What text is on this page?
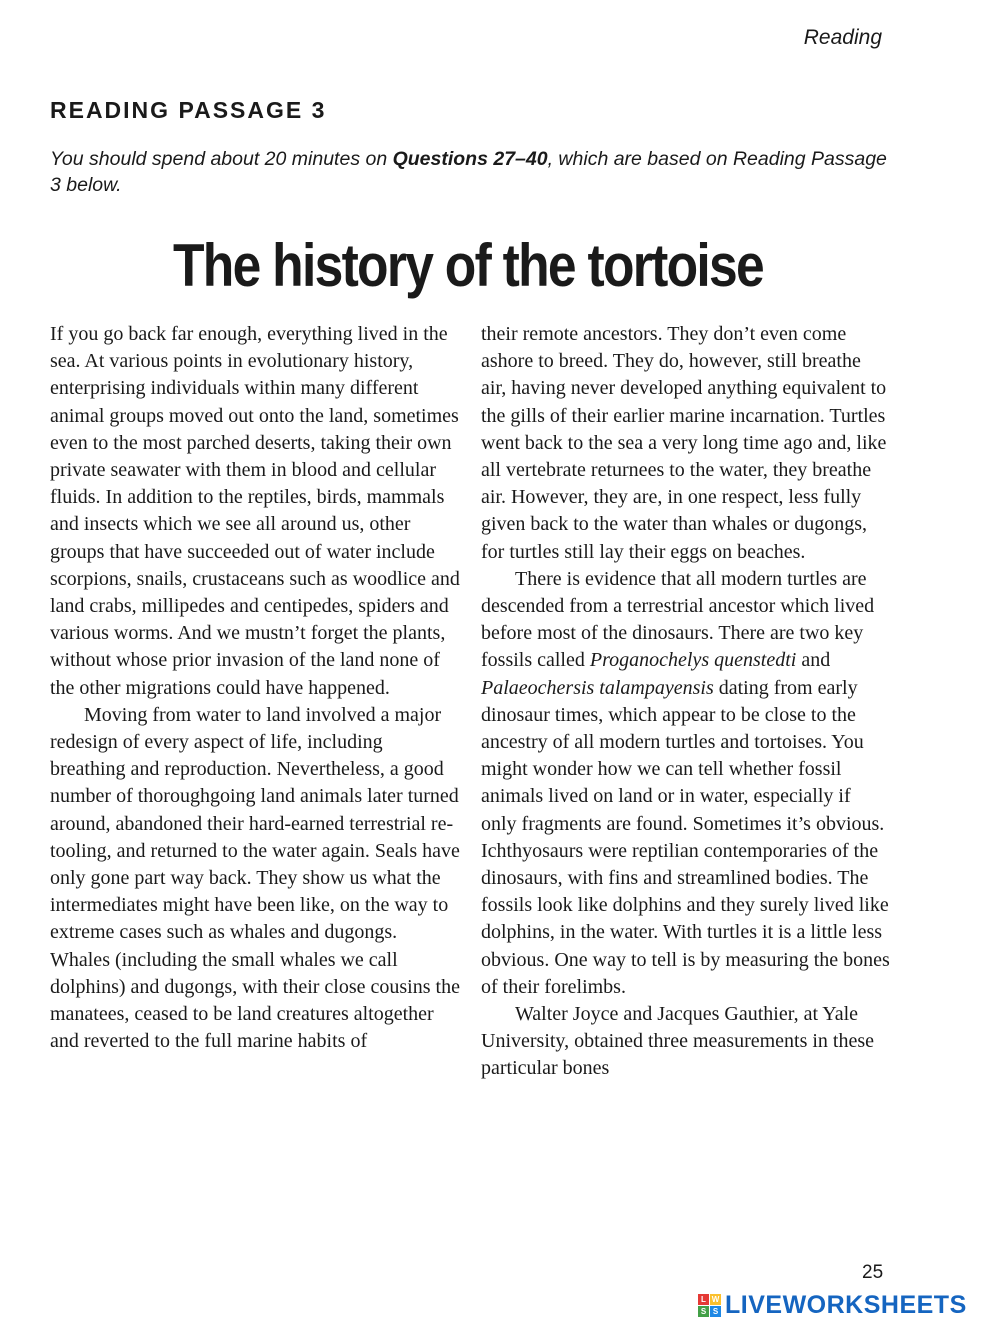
Reading
READING PASSAGE 3

You should spend about 20 minutes on Questions 27–40, which are based on Reading Passage 3 below.

The history of the tortoise

If you go back far enough, everything lived in the sea. At various points in evolutionary history, enterprising individuals within many different animal groups moved out onto the land, sometimes even to the most parched deserts, taking their own private seawater with them in blood and cellular fluids. In addition to the reptiles, birds, mammals and insects which we see all around us, other groups that have succeeded out of water include scorpions, snails, crustaceans such as woodlice and land crabs, millipedes and centipedes, spiders and various worms. And we mustn’t forget the plants, without whose prior invasion of the land none of the other migrations could have happened.

Moving from water to land involved a major redesign of every aspect of life, including breathing and reproduction. Nevertheless, a good number of thoroughgoing land animals later turned around, abandoned their hard-earned terrestrial re-tooling, and returned to the water again. Seals have only gone part way back. They show us what the intermediates might have been like, on the way to extreme cases such as whales and dugongs. Whales (including the small whales we call dolphins) and dugongs, with their close cousins the manatees, ceased to be land creatures altogether and reverted to the full marine habits of

their remote ancestors. They don’t even come ashore to breed. They do, however, still breathe air, having never developed anything equivalent to the gills of their earlier marine incarnation. Turtles went back to the sea a very long time ago and, like all vertebrate returnees to the water, they breathe air. However, they are, in one respect, less fully given back to the water than whales or dugongs, for turtles still lay their eggs on beaches.

There is evidence that all modern turtles are descended from a terrestrial ancestor which lived before most of the dinosaurs. There are two key fossils called Proganochelys quenstedti and Palaeochersis talampayensis dating from early dinosaur times, which appear to be close to the ancestry of all modern turtles and tortoises. You might wonder how we can tell whether fossil animals lived on land or in water, especially if only fragments are found. Sometimes it’s obvious. Ichthyosaurs were reptilian contemporaries of the dinosaurs, with fins and streamlined bodies. The fossils look like dolphins and they surely lived like dolphins, in the water. With turtles it is a little less obvious. One way to tell is by measuring the bones of their forelimbs.

Walter Joyce and Jacques Gauthier, at Yale University, obtained three measurements in these particular bones

25
L W
S S LIVEWORKSHEETS
